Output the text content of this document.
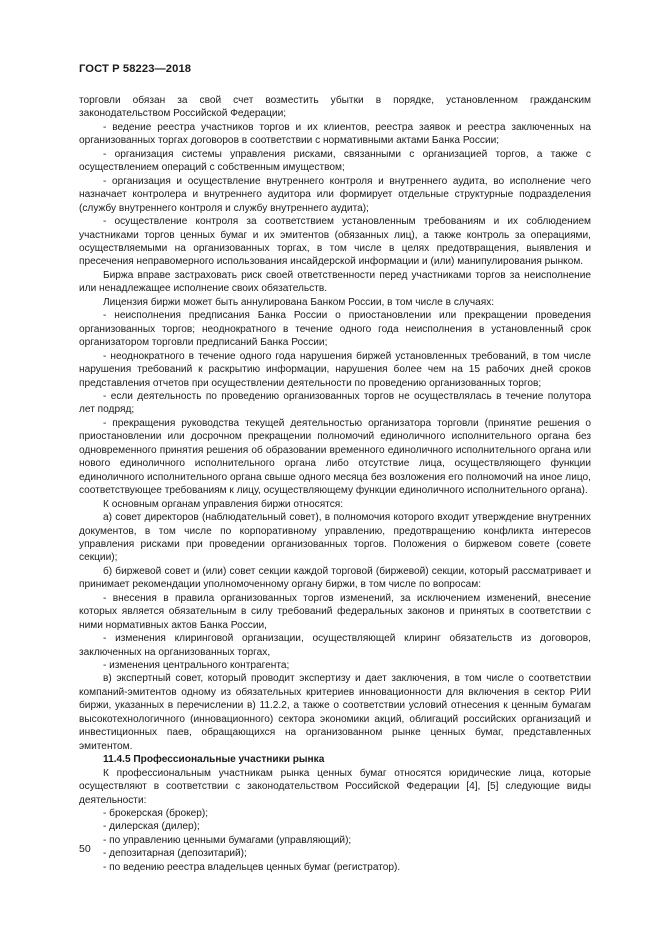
ГОСТ Р 58223—2018

торговли обязан за свой счет возместить убытки в порядке, установленном гражданским законодательством Российской Федерации;

- ведение реестра участников торгов и их клиентов, реестра заявок и реестра заключенных на организованных торгах договоров в соответствии с нормативными актами Банка России;

- организация системы управления рисками, связанными с организацией торгов, а также с осуществлением операций с собственным имуществом;

- организация и осуществление внутреннего контроля и внутреннего аудита, во исполнение чего назначает контролера и внутреннего аудитора или формирует отдельные структурные подразделения (службу внутреннего контроля и службу внутреннего аудита);

- осуществление контроля за соответствием установленным требованиям и их соблюдением участниками торгов ценных бумаг и их эмитентов (обязанных лиц), а также контроль за операциями, осуществляемыми на организованных торгах, в том числе в целях предотвращения, выявления и пресечения неправомерного использования инсайдерской информации и (или) манипулирования рынком.

Биржа вправе застраховать риск своей ответственности перед участниками торгов за неисполнение или ненадлежащее исполнение своих обязательств.

Лицензия биржи может быть аннулирована Банком России, в том числе в случаях:

- неисполнения предписания Банка России о приостановлении или прекращении проведения организованных торгов; неоднократного в течение одного года неисполнения в установленный срок организатором торговли предписаний Банка России;

- неоднократного в течение одного года нарушения биржей установленных требований, в том числе нарушения требований к раскрытию информации, нарушения более чем на 15 рабочих дней сроков представления отчетов при осуществлении деятельности по проведению организованных торгов;

- если деятельность по проведению организованных торгов не осуществлялась в течение полутора лет подряд;

- прекращения руководства текущей деятельностью организатора торговли (принятие решения о приостановлении или досрочном прекращении полномочий единоличного исполнительного органа без одновременного принятия решения об образовании временного единоличного исполнительного органа или нового единоличного исполнительного органа либо отсутствие лица, осуществляющего функции единоличного исполнительного органа свыше одного месяца без возложения его полномочий на иное лицо, соответствующее требованиям к лицу, осуществляющему функции единоличного исполнительного органа).

К основным органам управления биржи относятся:

а) совет директоров (наблюдательный совет), в полномочия которого входит утверждение внутренних документов, в том числе по корпоративному управлению, предотвращению конфликта интересов управления рисками при проведении организованных торгов. Положения о биржевом совете (совете секции);

б) биржевой совет и (или) совет секции каждой торговой (биржевой) секции, который рассматривает и принимает рекомендации уполномоченному органу биржи, в том числе по вопросам:

- внесения в правила организованных торгов изменений, за исключением изменений, внесение которых является обязательным в силу требований федеральных законов и принятых в соответствии с ними нормативных актов Банка России,

- изменения клиринговой организации, осуществляющей клиринг обязательств из договоров, заключенных на организованных торгах,

- изменения центрального контрагента;

в) экспертный совет, который проводит экспертизу и дает заключения, в том числе о соответствии компаний-эмитентов одному из обязательных критериев инновационности для включения в сектор РИИ биржи, указанных в перечислении в) 11.2.2, а также о соответствии условий отнесения к ценным бумагам высокотехнологичного (инновационного) сектора экономики акций, облигаций российских организаций и инвестиционных паев, обращающихся на организованном рынке ценных бумаг, представленных эмитентом.

11.4.5 Профессиональные участники рынка

К профессиональным участникам рынка ценных бумаг относятся юридические лица, которые осуществляют в соответствии с законодательством Российской Федерации [4], [5] следующие виды деятельности:

- брокерская (брокер);

- дилерская (дилер);

- по управлению ценными бумагами (управляющий);

- депозитарная (депозитарий);

- по ведению реестра владельцев ценных бумаг (регистратор).

50
